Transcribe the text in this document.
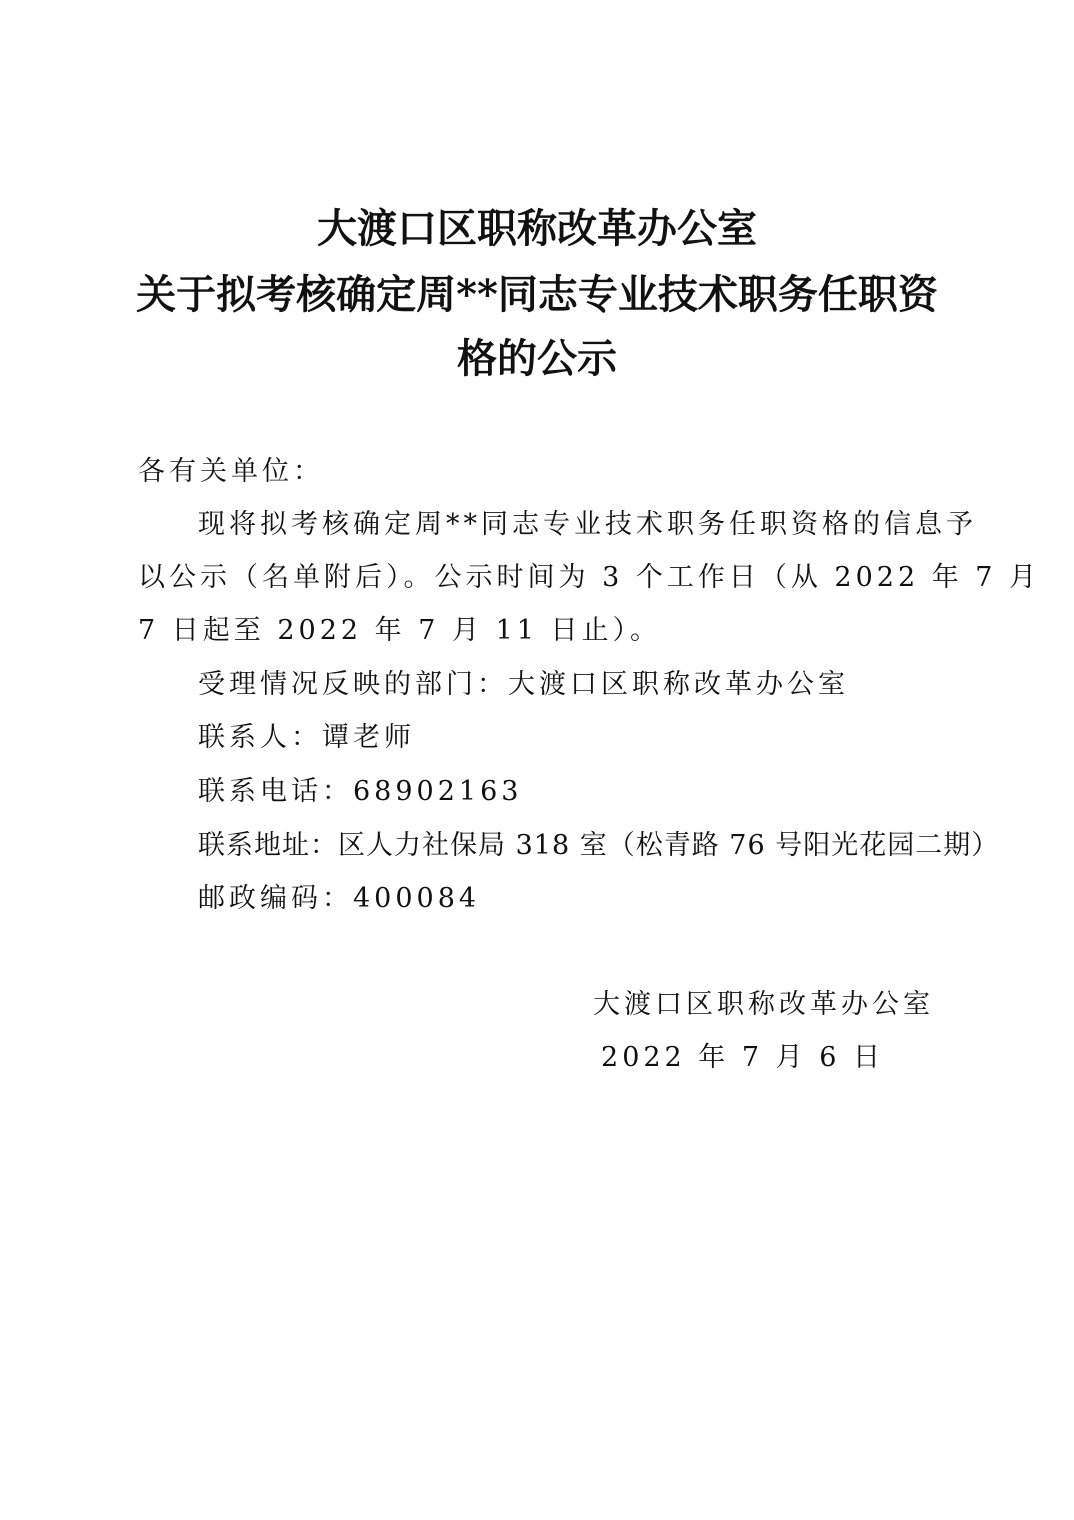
大渡口区职称改革办公室
关于拟考核确定周**同志专业技术职务任职资
格的公示
各有关单位：
现将拟考核确定周**同志专业技术职务任职资格的信息予
以公示（名单附后）。公示时间为 3 个工作日（从 2022 年 7 月
7 日起至 2022 年 7 月 11 日止）。
受理情况反映的部门：大渡口区职称改革办公室
联系人：谭老师
联系电话：68902163
联系地址：区人力社保局 318 室（松青路 76 号阳光花园二期）
邮政编码：400084
大渡口区职称改革办公室
2022 年 7 月 6 日
